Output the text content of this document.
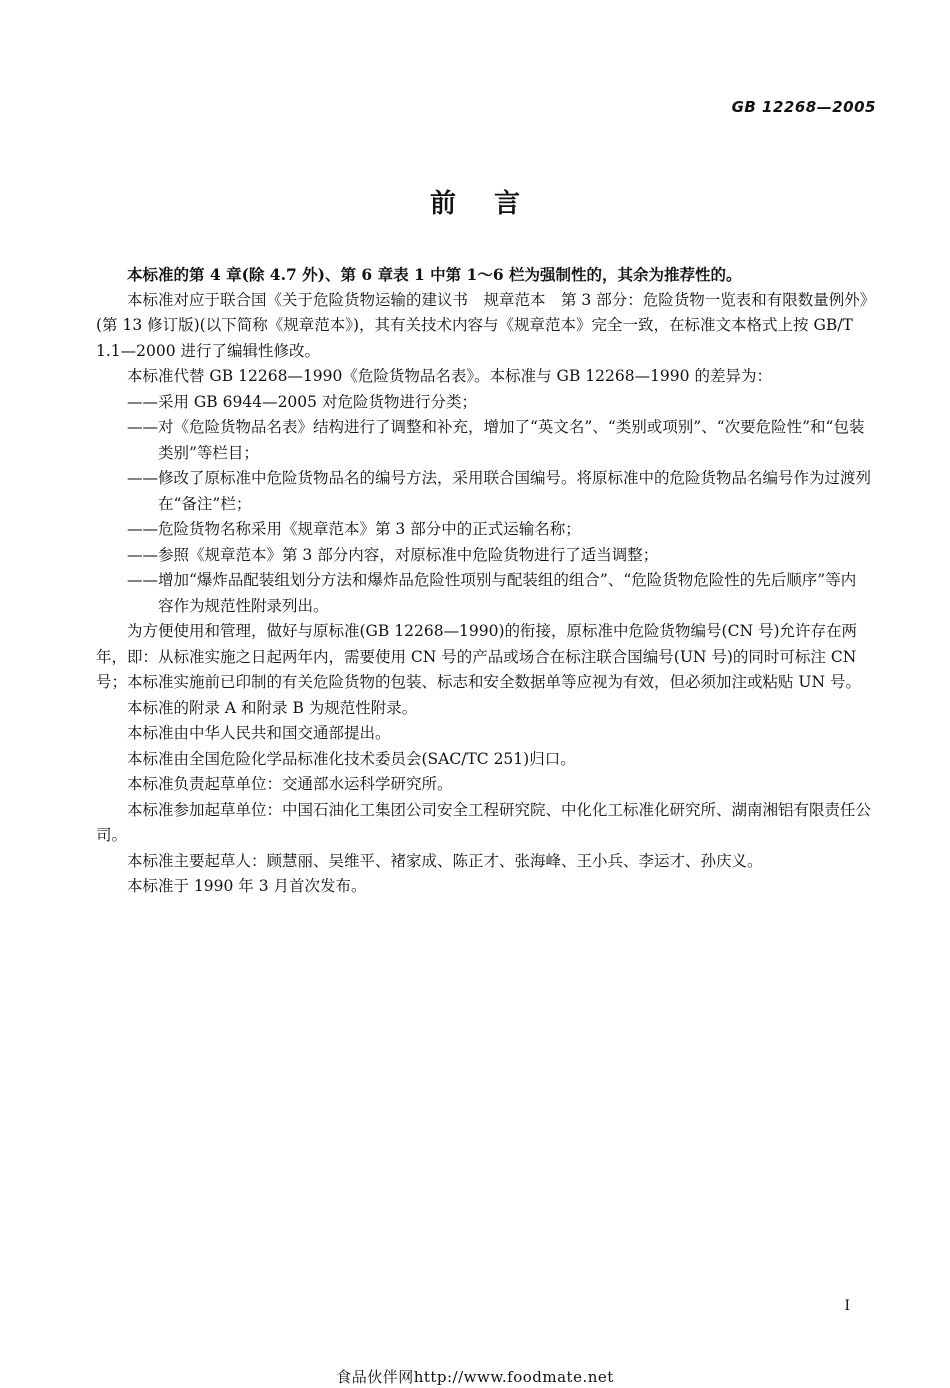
GB 12268—2005
前言

本标准的第 4 章(除 4.7 外)、第 6 章表 1 中第 1～6 栏为强制性的，其余为推荐性的。

本标准对应于联合国《关于危险货物运输的建议书　规章范本　第 3 部分：危险货物一览表和有限数量例外》(第 13 修订版)(以下简称《规章范本》)，其有关技术内容与《规章范本》完全一致，在标准文本格式上按 GB/T 1.1—2000 进行了编辑性修改。

本标准代替 GB 12268—1990《危险货物品名表》。本标准与 GB 12268—1990 的差异为：

——采用 GB 6944—2005 对危险货物进行分类；

——对《危险货物品名表》结构进行了调整和补充，增加了“英文名”、“类别或项别”、“次要危险性”和“包装类别”等栏目；

——修改了原标准中危险货物品名的编号方法，采用联合国编号。将原标准中的危险货物品名编号作为过渡列在“备注”栏；

——危险货物名称采用《规章范本》第 3 部分中的正式运输名称；

——参照《规章范本》第 3 部分内容，对原标准中危险货物进行了适当调整；

——增加“爆炸品配装组划分方法和爆炸品危险性项别与配装组的组合”、“危险货物危险性的先后顺序”等内容作为规范性附录列出。

为方便使用和管理，做好与原标准(GB 12268—1990)的衔接，原标准中危险货物编号(CN 号)允许存在两年，即：从标准实施之日起两年内，需要使用 CN 号的产品或场合在标注联合国编号(UN 号)的同时可标注 CN 号；本标准实施前已印制的有关危险货物的包装、标志和安全数据单等应视为有效，但必须加注或粘贴 UN 号。

本标准的附录 A 和附录 B 为规范性附录。

本标准由中华人民共和国交通部提出。

本标准由全国危险化学品标准化技术委员会(SAC/TC 251)归口。

本标准负责起草单位：交通部水运科学研究所。

本标准参加起草单位：中国石油化工集团公司安全工程研究院、中化化工标准化研究所、湖南湘铝有限责任公司。

本标准主要起草人：顾慧丽、吴维平、褚家成、陈正才、张海峰、王小兵、李运才、孙庆义。

本标准于 1990 年 3 月首次发布。

I
食品伙伴网http://www.foodmate.net
